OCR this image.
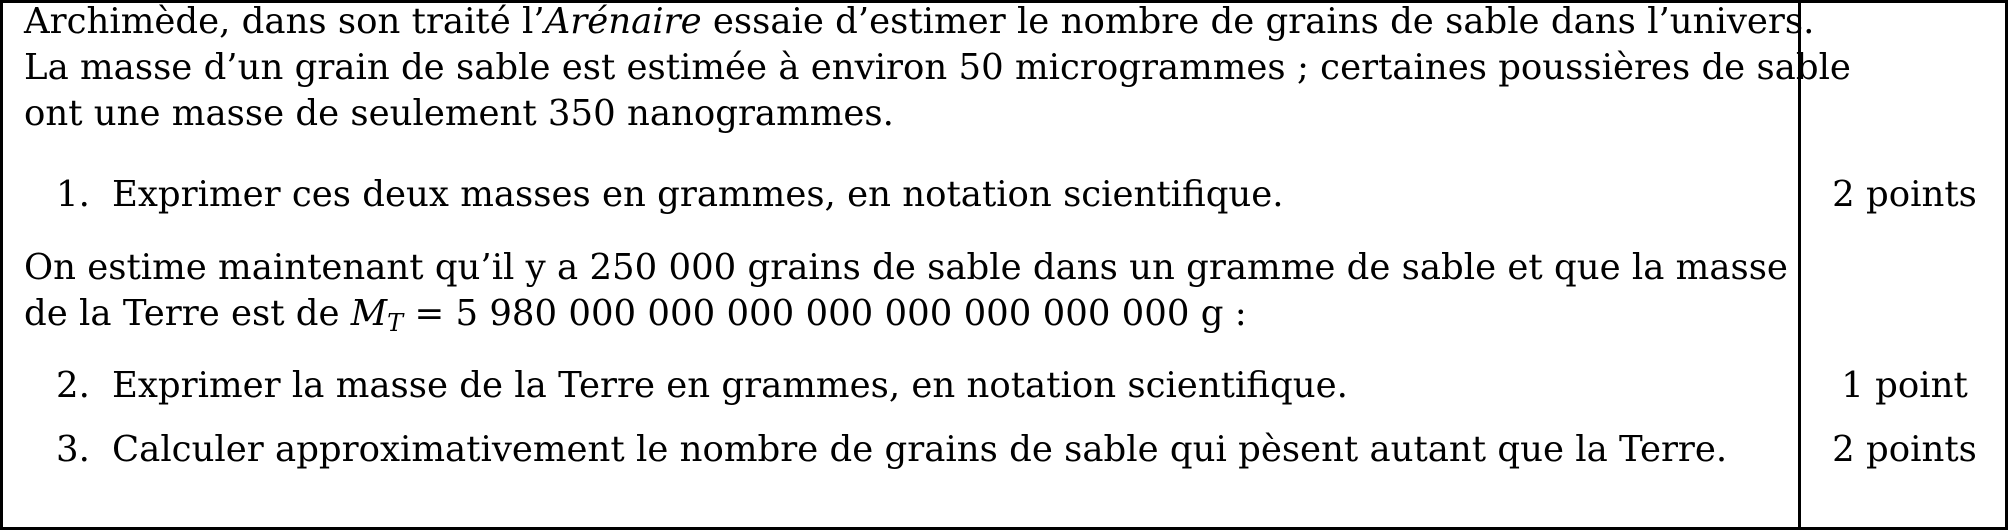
Archimède, dans son traité l’Arénaire essaie d’estimer le nombre de grains de sable dans l’univers.
La masse d’un grain de sable est estimée à environ 50 microgrammes ; certaines poussières de sable
ont une masse de seulement 350 nanogrammes.
1. Exprimer ces deux masses en grammes, en notation scientifique.	2 points
On estime maintenant qu’il y a 250 000 grains de sable dans un gramme de sable et que la masse
de la Terre est de $M_T = 5$ 980 000 000 000 000 000 000 000 000 g :
2. Exprimer la masse de la Terre en grammes, en notation scientifique.	1 point
3. Calculer approximativement le nombre de grains de sable qui pèsent autant que la Terre.	2 points
